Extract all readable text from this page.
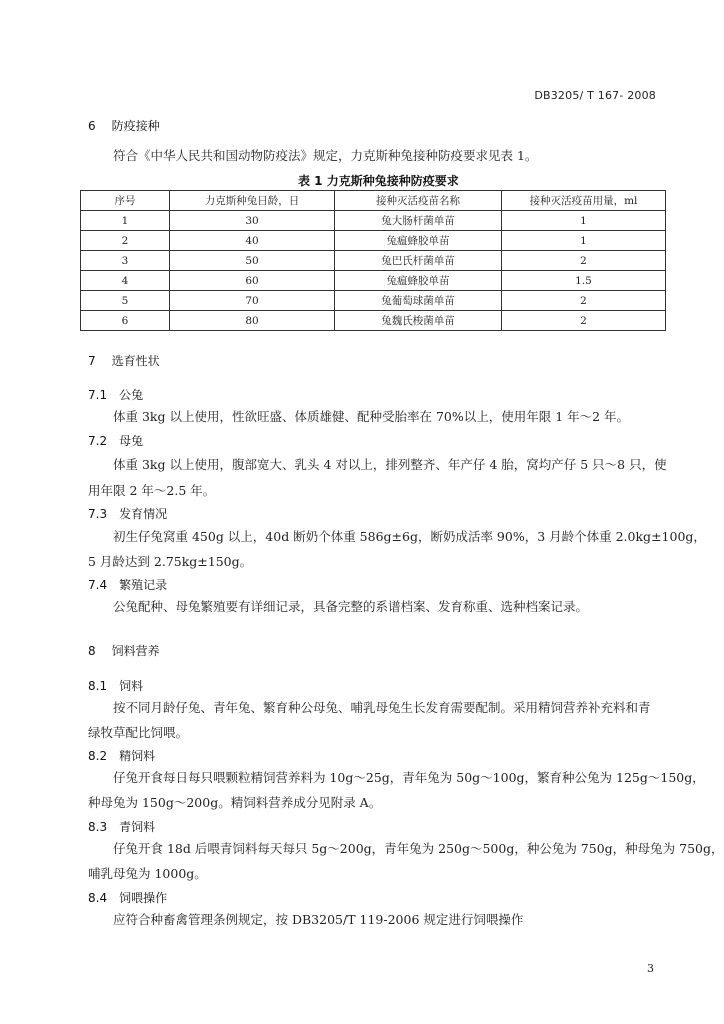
DB3205/ T 167- 2008
6 防疫接种
符合《中华人民共和国动物防疫法》规定，力克斯种兔接种防疫要求见表 1。
表 1 力克斯种兔接种防疫要求
序号	力克斯种兔日龄，日	接种灭活疫苗名称	接种灭活疫苗用量，ml
1	30	兔大肠杆菌单苗	1
2	40	兔瘟蜂胶单苗	1
3	50	兔巴氏杆菌单苗	2
4	60	兔瘟蜂胶单苗	1.5
5	70	兔葡萄球菌单苗	2
6	80	兔魏氏梭菌单苗	2
7 选育性状
7.1 公兔
体重 3kg 以上使用，性欲旺盛、体质雄健、配种受胎率在 70%以上，使用年限 1 年～2 年。
7.2 母兔
体重 3kg 以上使用，腹部宽大、乳头 4 对以上，排列整齐、年产仔 4 胎，窝均产仔 5 只～8 只，使
用年限 2 年～2.5 年。
7.3 发育情况
初生仔兔窝重 450g 以上，40d 断奶个体重 586g±6g，断奶成活率 90%，3 月龄个体重 2.0kg±100g，
5 月龄达到 2.75kg±150g。
7.4 繁殖记录
公兔配种、母兔繁殖要有详细记录，具备完整的系谱档案、发育称重、选种档案记录。
8 饲料营养
8.1 饲料
按不同月龄仔兔、青年兔、繁育种公母兔、哺乳母兔生长发育需要配制。采用精饲营养补充料和青
绿牧草配比饲喂。
8.2 精饲料
仔兔开食每日每只喂颗粒精饲营养料为 10g～25g，青年兔为 50g～100g，繁育种公兔为 125g～150g，
种母兔为 150g～200g。精饲料营养成分见附录 A。
8.3 青饲料
仔兔开食 18d 后喂青饲料每天每只 5g～200g，青年兔为 250g～500g，种公兔为 750g，种母兔为 750g，
哺乳母兔为 1000g。
8.4 饲喂操作
应符合种畜禽管理条例规定，按 DB3205/T 119-2006 规定进行饲喂操作
3
